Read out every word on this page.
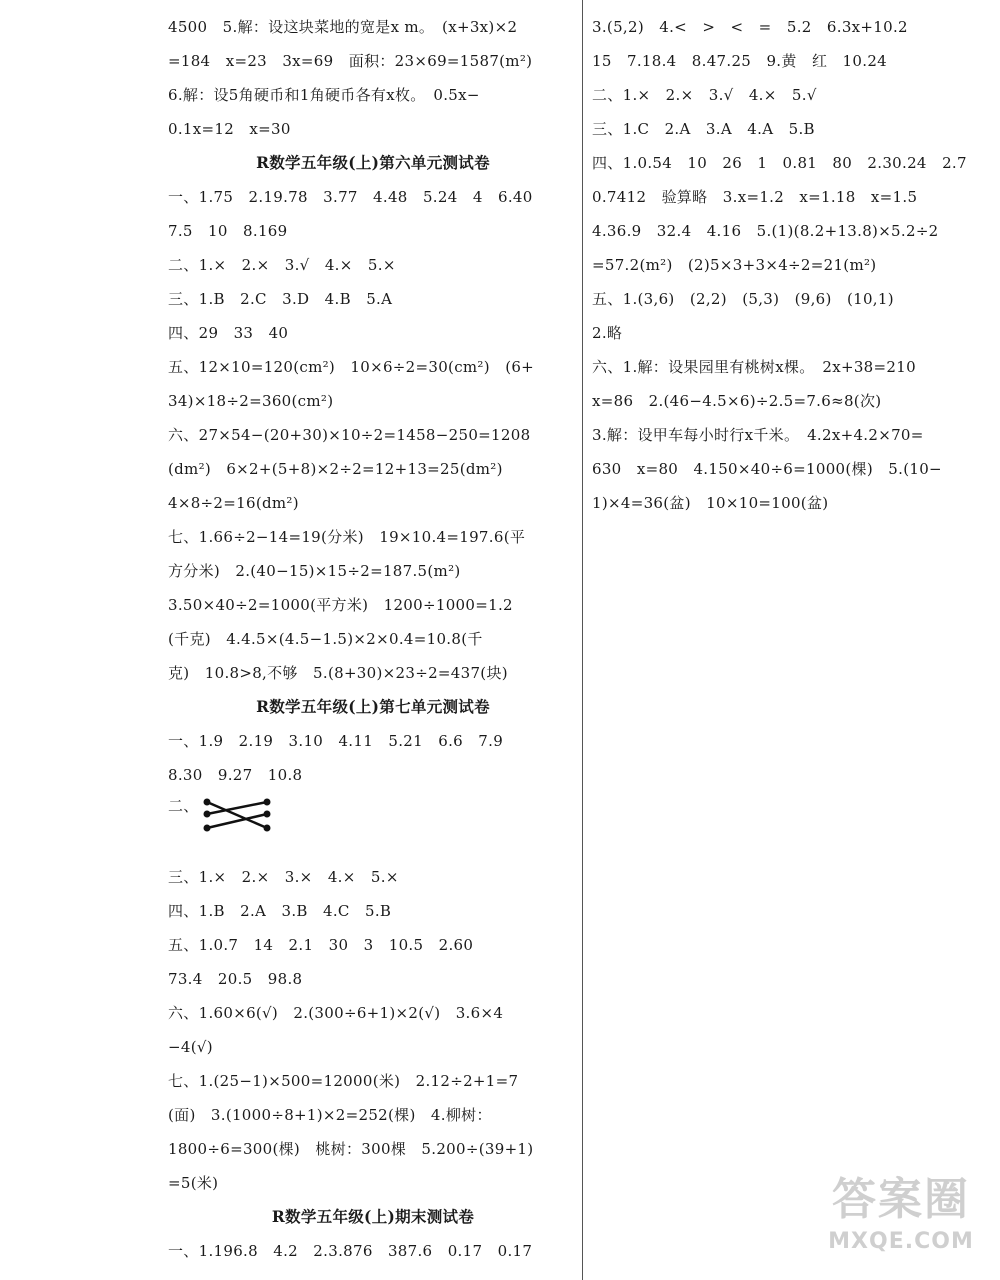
4500　5.解：设这块菜地的宽是x m。　(x+3x)×2
=184　x=23　3x=69　面积：23×69=1587(m²)
6.解：设5角硬币和1角硬币各有x枚。　0.5x−
0.1x=12　x=30
R数学五年级(上)第六单元测试卷
一、1.75　2.19.78　3.77　4.48　5.24　4　6.40
7.5　10　8.169
二、1.×　2.×　3.√　4.×　5.×
三、1.B　2.C　3.D　4.B　5.A
四、29　33　40
五、12×10=120(cm²)　10×6÷2=30(cm²)　(6+
34)×18÷2=360(cm²)
六、27×54−(20+30)×10÷2=1458−250=1208
(dm²)　6×2+(5+8)×2÷2=12+13=25(dm²)
4×8÷2=16(dm²)
七、1.66÷2−14=19(分米)　19×10.4=197.6(平
方分米)　2.(40−15)×15÷2=187.5(m²)
3.50×40÷2=1000(平方米)　1200÷1000=1.2
(千克)　4.4.5×(4.5−1.5)×2×0.4=10.8(千
克)　10.8>8,不够　5.(8+30)×23÷2=437(块)
R数学五年级(上)第七单元测试卷
一、1.9　2.19　3.10　4.11　5.21　6.6　7.9
8.30　9.27　10.8
二、
三、1.×　2.×　3.×　4.×　5.×
四、1.B　2.A　3.B　4.C　5.B
五、1.0.7　14　2.1　30　3　10.5　2.60
73.4　20.5　98.8
六、1.60×6(√)　2.(300÷6+1)×2(√)　3.6×4
−4(√)
七、1.(25−1)×500=12000(米)　2.12÷2+1=7
(面)　3.(1000÷8+1)×2=252(棵)　4.柳树：
1800÷6=300(棵)　桃树：300棵　5.200÷(39+1)
=5(米)
R数学五年级(上)期末测试卷
一、1.196.8　4.2　2.3.876　387.6　0.17　0.17
3.(5,2)　4.<　>　<　=　5.2　6.3x+10.2
15　7.18.4　8.47.25　9.黄　红　10.24
二、1.×　2.×　3.√　4.×　5.√
三、1.C　2.A　3.A　4.A　5.B
四、1.0.54　10　26　1　0.81　80　2.30.24　2.7
0.7412　验算略　3.x=1.2　x=1.18　x=1.5
4.36.9　32.4　4.16　5.(1)(8.2+13.8)×5.2÷2
=57.2(m²)　(2)5×3+3×4÷2=21(m²)
五、1.(3,6)　(2,2)　(5,3)　(9,6)　(10,1)
2.略
六、1.解：设果园里有桃树x棵。　2x+38=210
x=86　2.(46−4.5×6)÷2.5=7.6≈8(次)
3.解：设甲车每小时行x千米。　4.2x+4.2×70=
630　x=80　4.150×40÷6=1000(棵)　5.(10−
1)×4=36(盆)　10×10=100(盆)
答案圈
MXQE.COM
